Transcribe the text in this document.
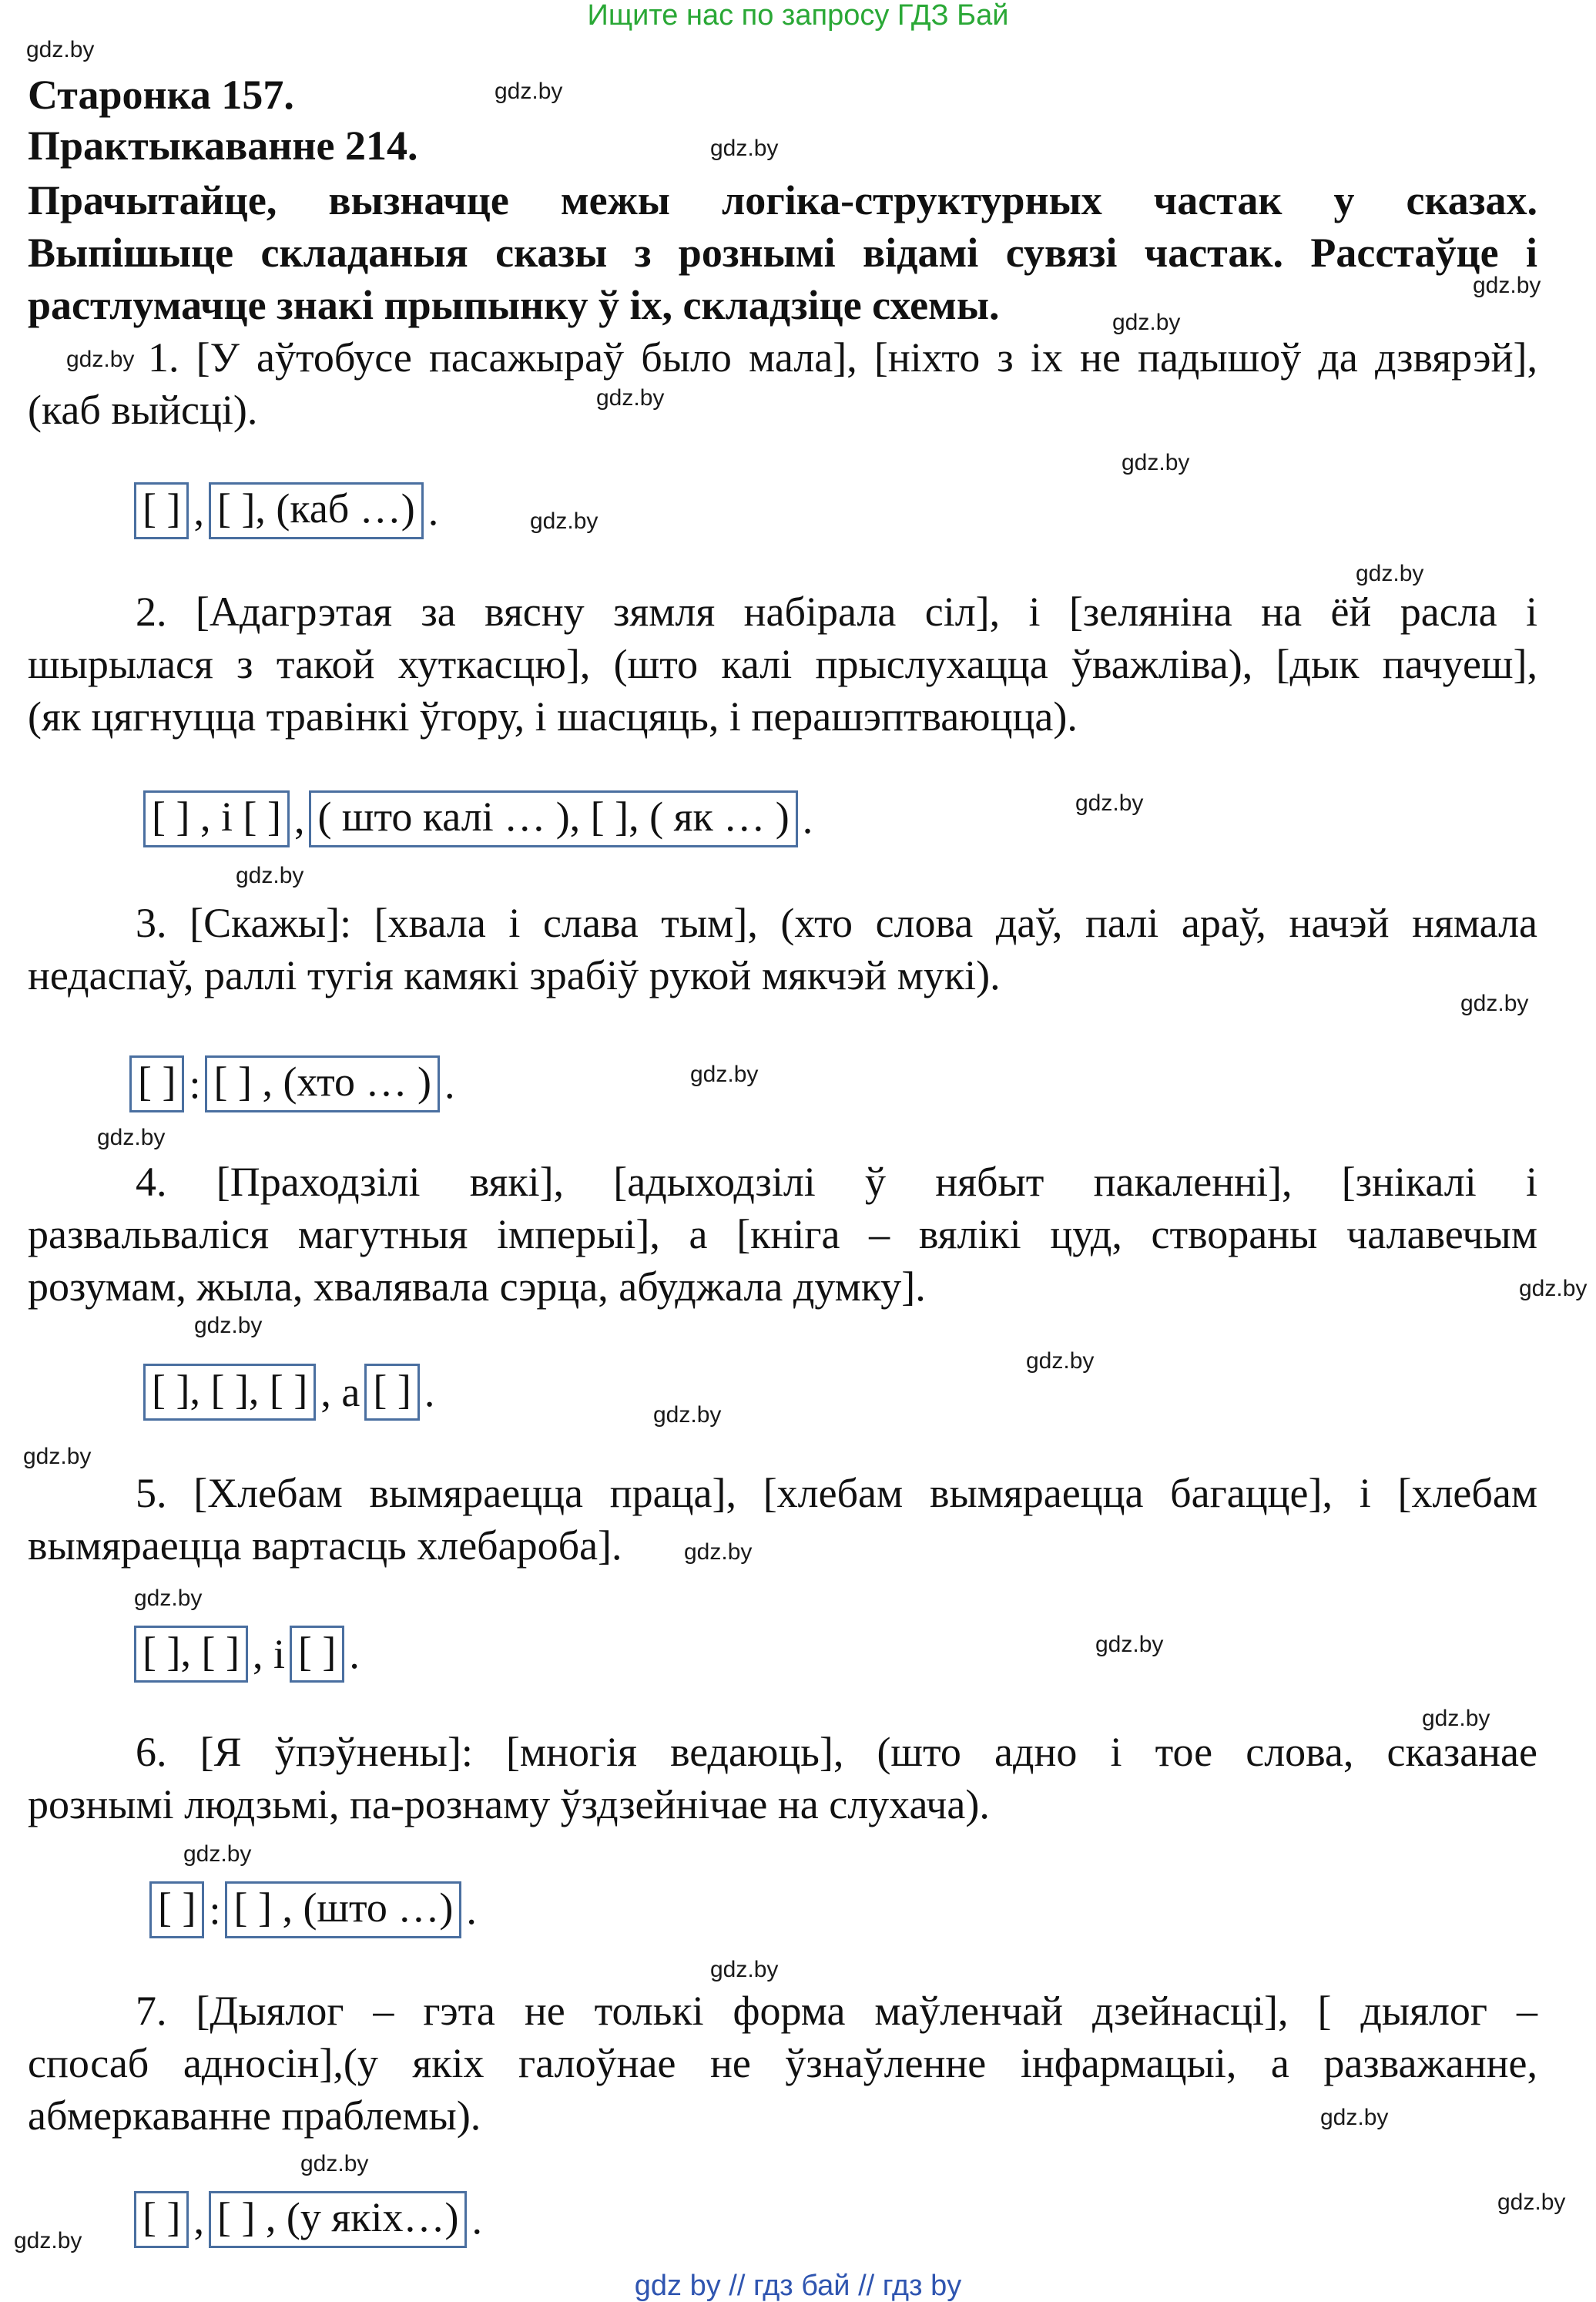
Ищите нас по запросу ГДЗ Бай
Старонка 157.
Практыкаванне 214.
Прачытайце, вызначце межы логіка-структурных частак у сказах.
Выпішыце складаныя сказы з рознымі відамі сувязі частак. Расстаўце і
растлумачце знакі прыпынку ў іх, складзіце схемы.
1. [У аўтобусе пасажыраў было мала], [ніхто з іх не падышоў да дзвярэй],
(каб выйсці).
[ ] , [ ], (каб …) .
2. [Адагрэтая за вясну зямля набірала сіл], і [зеляніна на ёй расла і
шырылася з такой хуткасцю], (што калі прыслухацца ўважліва), [дык пачуеш],
(як цягнуцца травінкі ўгору, і шасцяць, і перашэптваюцца).
[ ] , і [ ] , ( што калі … ), [ ], ( як … ) .
3. [Скажы]: [хвала і слава тым], (хто слова даў, палі араў, начэй нямала
недаспаў, раллі тугія камякі зрабіў рукой мякчэй мукі).
[ ] : [ ] , (хто … ) .
4. [Праходзілі вякі], [адыходзілі ў нябыт пакаленні], [знікалі і
развальваліся магутныя імперыі], а [кніга – вялікі цуд, створаны чалавечым
розумам, жыла, хвалявала сэрца, абуджала думку].
[ ], [ ], [ ] , а [ ] .
5. [Хлебам вымяраецца праца], [хлебам вымяраецца багацце], і [хлебам
вымяраецца вартасць хлебароба].
[ ], [ ] , і [ ] .
6. [Я ўпэўнены]: [многія ведаюць], (што адно і тое слова, сказанае
рознымі людзьмі, па-рознаму ўздзейнічае на слухача).
[ ] : [ ] , (што …) .
7. [Дыялог – гэта не толькі форма маўленчай дзейнасці], [ дыялог –
спосаб адносін],(у якіх галоўнае не ўзнаўленне інфармацыі, а разважанне,
абмеркаванне праблемы).
[ ] , [ ] , (у якіх…) .
gdz.by
gdz.by
gdz.by
gdz.by
gdz.by
gdz.by
gdz.by
gdz.by
gdz.by
gdz.by
gdz.by
gdz.by
gdz.by
gdz.by
gdz.by
gdz.by
gdz.by
gdz.by
gdz.by
gdz.by
gdz.by
gdz.by
gdz.by
gdz.by
gdz.by
gdz.by
gdz.by
gdz.by
gdz.by
gdz.by
gdz by // гдз бай // гдз by
